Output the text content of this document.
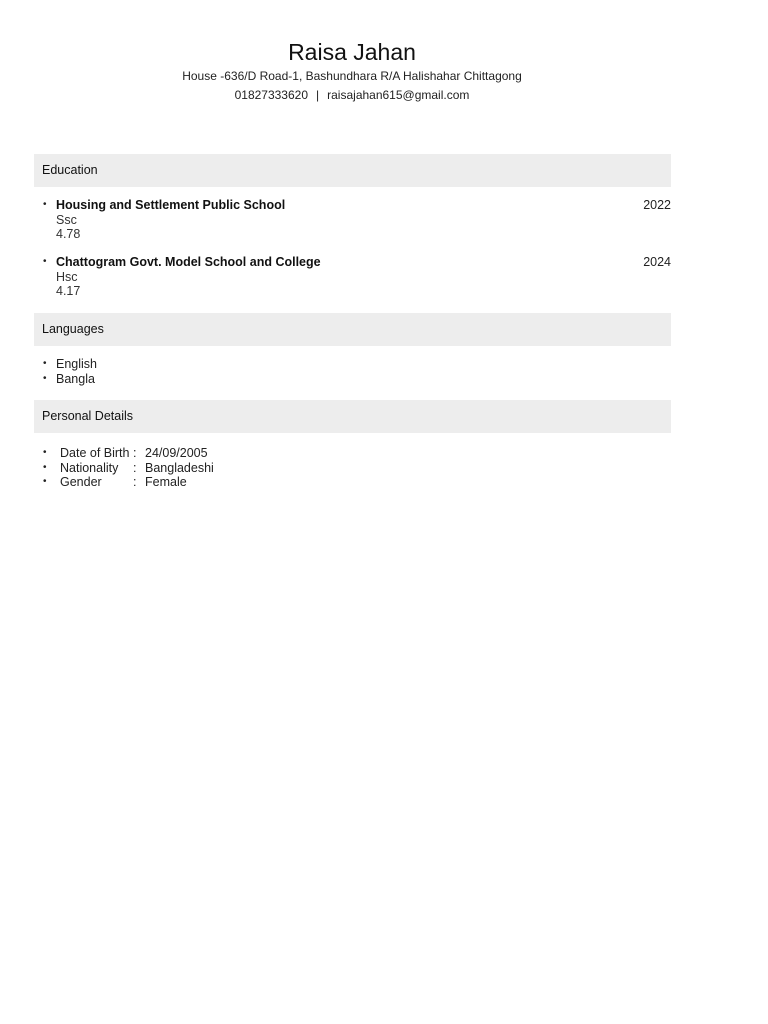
Raisa Jahan
House -636/D Road-1, Bashundhara R/A Halishahar Chittagong
01827333620 | raisajahan615@gmail.com
Education
• Housing and Settlement Public School
Ssc
4.78
2022
• Chattogram Govt. Model School and College
Hsc
4.17
2024
Languages
• English
• Bangla
Personal Details
• Date of Birth : 24/09/2005
• Nationality : Bangladeshi
• Gender	: Female
